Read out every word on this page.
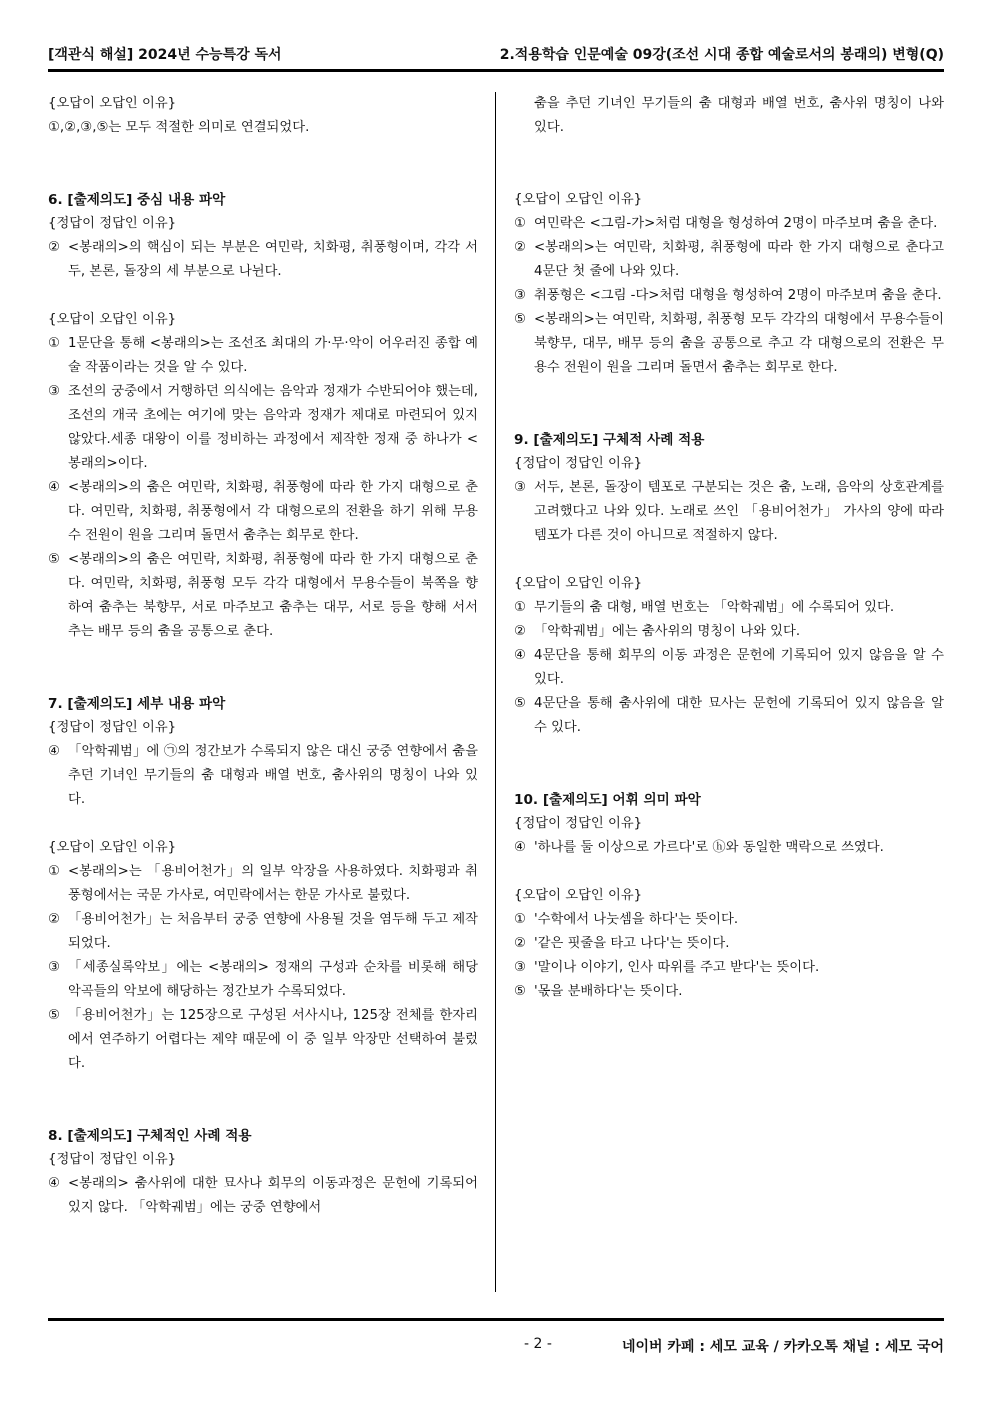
[객관식 해설] 2024년 수능특강 독서	2.적용학습 인문예술 09강(조선 시대 종합 예술로서의 봉래의) 변형(Q)
{오답이 오답인 이유}
①,②,③,⑤는 모두 적절한 의미로 연결되었다.
6. [출제의도] 중심 내용 파악
{정답이 정답인 이유}
② <봉래의>의 핵심이 되는 부분은 여민락, 치화평, 취풍형이며, 각각 서두, 본론, 돌장의 세 부분으로 나뉜다.
{오답이 오답인 이유}
① 1문단을 통해 <봉래의>는 조선조 최대의 가·무·악이 어우러진 종합 예술 작품이라는 것을 알 수 있다.
③ 조선의 궁중에서 거행하던 의식에는 음악과 정재가 수반되어야 했는데, 조선의 개국 초에는 여기에 맞는 음악과 정재가 제대로 마련되어 있지 않았다.세종 대왕이 이를 정비하는 과정에서 제작한 정재 중 하나가 <봉래의>이다.
④ <봉래의>의 춤은 여민락, 치화평, 취풍형에 따라 한 가지 대형으로 춘다. 여민락, 치화평, 취풍형에서 각 대형으로의 전환을 하기 위해 무용수 전원이 원을 그리며 돌면서 춤추는 회무로 한다.
⑤ <봉래의>의 춤은 여민락, 치화평, 취풍형에 따라 한 가지 대형으로 춘다. 여민락, 치화평, 취풍형 모두 각각 대형에서 무용수들이 북쪽을 향하여 춤추는 북향무, 서로 마주보고 춤추는 대무, 서로 등을 향해 서서 추는 배무 등의 춤을 공통으로 춘다.
7. [출제의도] 세부 내용 파악
{정답이 정답인 이유}
④ 「악학궤범」에 ㉠의 정간보가 수록되지 않은 대신 궁중 연향에서 춤을 추던 기녀인 무기들의 춤 대형과 배열 번호, 춤사위의 명칭이 나와 있다.
{오답이 오답인 이유}
① <봉래의>는 「용비어천가」의 일부 악장을 사용하였다. 치화평과 취풍형에서는 국문 가사로, 여민락에서는 한문 가사로 불렀다.
② 「용비어천가」는 처음부터 궁중 연향에 사용될 것을 염두해 두고 제작되었다.
③ 「세종실록악보」에는 <봉래의> 정재의 구성과 순차를 비롯해 해당 악곡들의 악보에 해당하는 정간보가 수록되었다.
⑤ 「용비어천가」는 125장으로 구성된 서사시나, 125장 전체를 한자리에서 연주하기 어렵다는 제약 때문에 이 중 일부 악장만 선택하여 불렀다.
8. [출제의도] 구체적인 사례 적용
{정답이 정답인 이유}
④ <봉래의> 춤사위에 대한 묘사나 회무의 이동과정은 문헌에 기록되어 있지 않다. 「악학궤범」에는 궁중 연향에서
춤을 추던 기녀인 무기들의 춤 대형과 배열 번호, 춤사위 명칭이 나와 있다.
{오답이 오답인 이유}
① 여민락은 <그림-가>처럼 대형을 형성하여 2명이 마주보며 춤을 춘다.
② <봉래의>는 여민락, 치화평, 취풍형에 따라 한 가지 대형으로 춘다고 4문단 첫 줄에 나와 있다.
③ 취풍형은 <그림 -다>처럼 대형을 형성하여 2명이 마주보며 춤을 춘다.
⑤ <봉래의>는 여민락, 치화평, 취풍형 모두 각각의 대형에서 무용수들이 북향무, 대무, 배무 등의 춤을 공통으로 추고 각 대형으로의 전환은 무용수 전원이 원을 그리며 돌면서 춤추는 회무로 한다.
9. [출제의도] 구체적 사례 적용
{정답이 정답인 이유}
③ 서두, 본론, 돌장이 템포로 구분되는 것은 춤, 노래, 음악의 상호관계를 고려했다고 나와 있다. 노래로 쓰인 「용비어천가」 가사의 양에 따라 템포가 다른 것이 아니므로 적절하지 않다.
{오답이 오답인 이유}
① 무기들의 춤 대형, 배열 번호는 「악학궤범」에 수록되어 있다.
② 「악학궤범」에는 춤사위의 명칭이 나와 있다.
④ 4문단을 통해 회무의 이동 과정은 문헌에 기록되어 있지 않음을 알 수 있다.
⑤ 4문단을 통해 춤사위에 대한 묘사는 문헌에 기록되어 있지 않음을 알 수 있다.
10. [출제의도] 어휘 의미 파악
{정답이 정답인 이유}
④ '하나를 둘 이상으로 가르다'로 ⓗ와 동일한 맥락으로 쓰였다.
{오답이 오답인 이유}
① '수학에서 나눗셈을 하다'는 뜻이다.
② '같은 핏줄을 타고 나다'는 뜻이다.
③ '말이나 이야기, 인사 따위를 주고 받다'는 뜻이다.
⑤ '몫을 분배하다'는 뜻이다.
- 2 -	네이버 카페 : 세모 교육 / 카카오톡 채널 : 세모 국어
